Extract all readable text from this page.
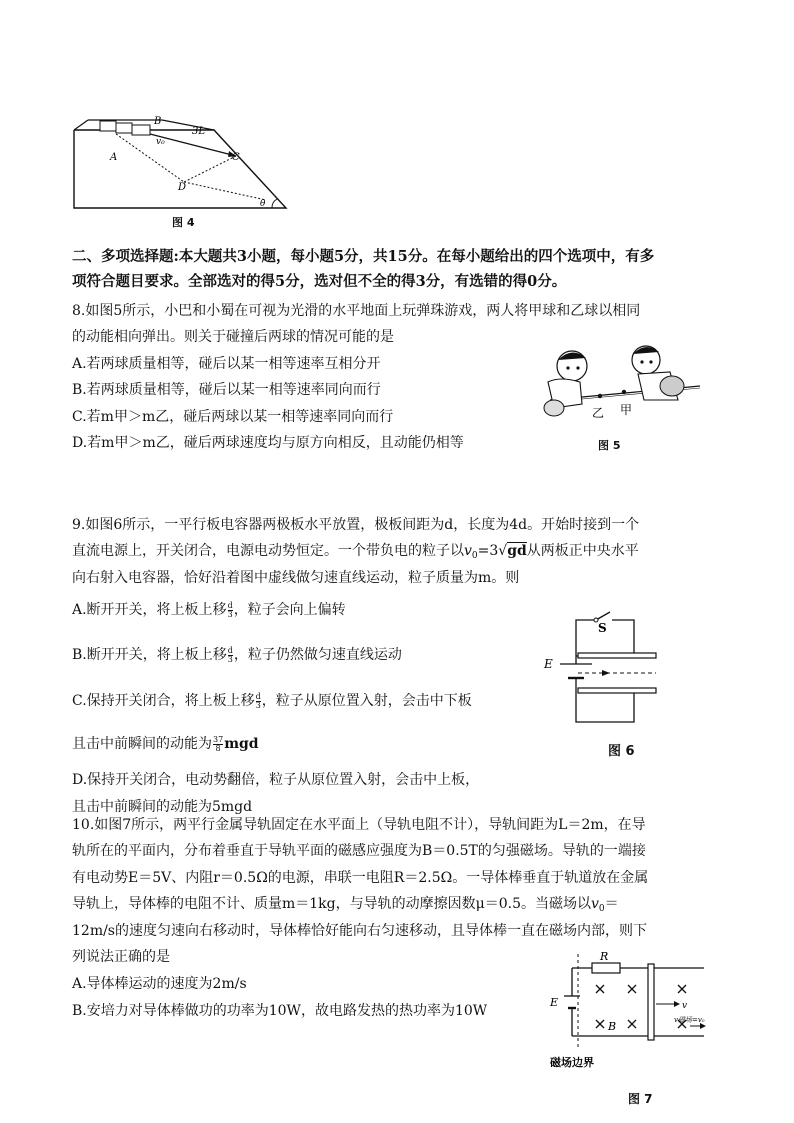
B
v₀
3L
A	C
D
θ
图 4
二、多项选择题:本大题共3小题，每小题5分，共15分。在每小题给出的四个选项中，有多
项符合题目要求。全部选对的得5分，选对但不全的得3分，有选错的得0分。
8.如图5所示，小巴和小蜀在可视为光滑的水平地面上玩弹珠游戏，两人将甲球和乙球以相同
的动能相向弹出。则关于碰撞后两球的情况可能的是
A.若两球质量相等，碰后以某一相等速率互相分开
B.若两球质量相等，碰后以某一相等速率同向而行
C.若m甲＞m乙，碰后两球以某一相等速率同向而行
D.若m甲＞m乙，碰后两球速度均与原方向相反，且动能仍相等
乙 甲
图 5
9.如图6所示，一平行板电容器两极板水平放置，极板间距为d，长度为4d。开始时接到一个
直流电源上，开关闭合，电源电动势恒定。一个带负电的粒子以$v_0=3√gd$从两板正中央水平
向右射入电容器，恰好沿着图中虚线做匀速直线运动，粒子质量为m。则
A.断开开关，将上板上移 $\frac{d}{3}$ ，粒子会向上偏转
B.断开开关，将上板上移 $\frac{d}{3}$ ，粒子仍然做匀速直线运动
C.保持开关闭合，将上板上移 $\frac{d}{3}$ ，粒子从原位置入射，会击中下板
且击中前瞬间的动能为 $\frac{37}{8}$ mgd
D.保持开关闭合，电动势翻倍，粒子从原位置入射，会击中上板，
且击中前瞬间的动能为5mgd
S
E
图 6
10.如图7所示，两平行金属导轨固定在水平面上（导轨电阻不计），导轨间距为L＝2m，在导
轨所在的平面内，分布着垂直于导轨平面的磁感应强度为B＝0.5T的匀强磁场。导轨的一端接
有电动势E＝5V、内阻r＝0.5Ω的电源，串联一电阻R＝2.5Ω。一导体棒垂直于轨道放在金属
导轨上，导体棒的电阻不计、质量m＝1kg，与导轨的动摩擦因数μ＝0.5。当磁场以$v_0=$
12m/s的速度匀速向右移动时，导体棒恰好能向右匀速移动，且导体棒一直在磁场内部，则下
列说法正确的是
A.导体棒运动的速度为2m/s
B.安培力对导体棒做功的功率为10W，故电路发热的热功率为10W
R
E
B
v
v磁场=v₀
磁场边界
图 7
